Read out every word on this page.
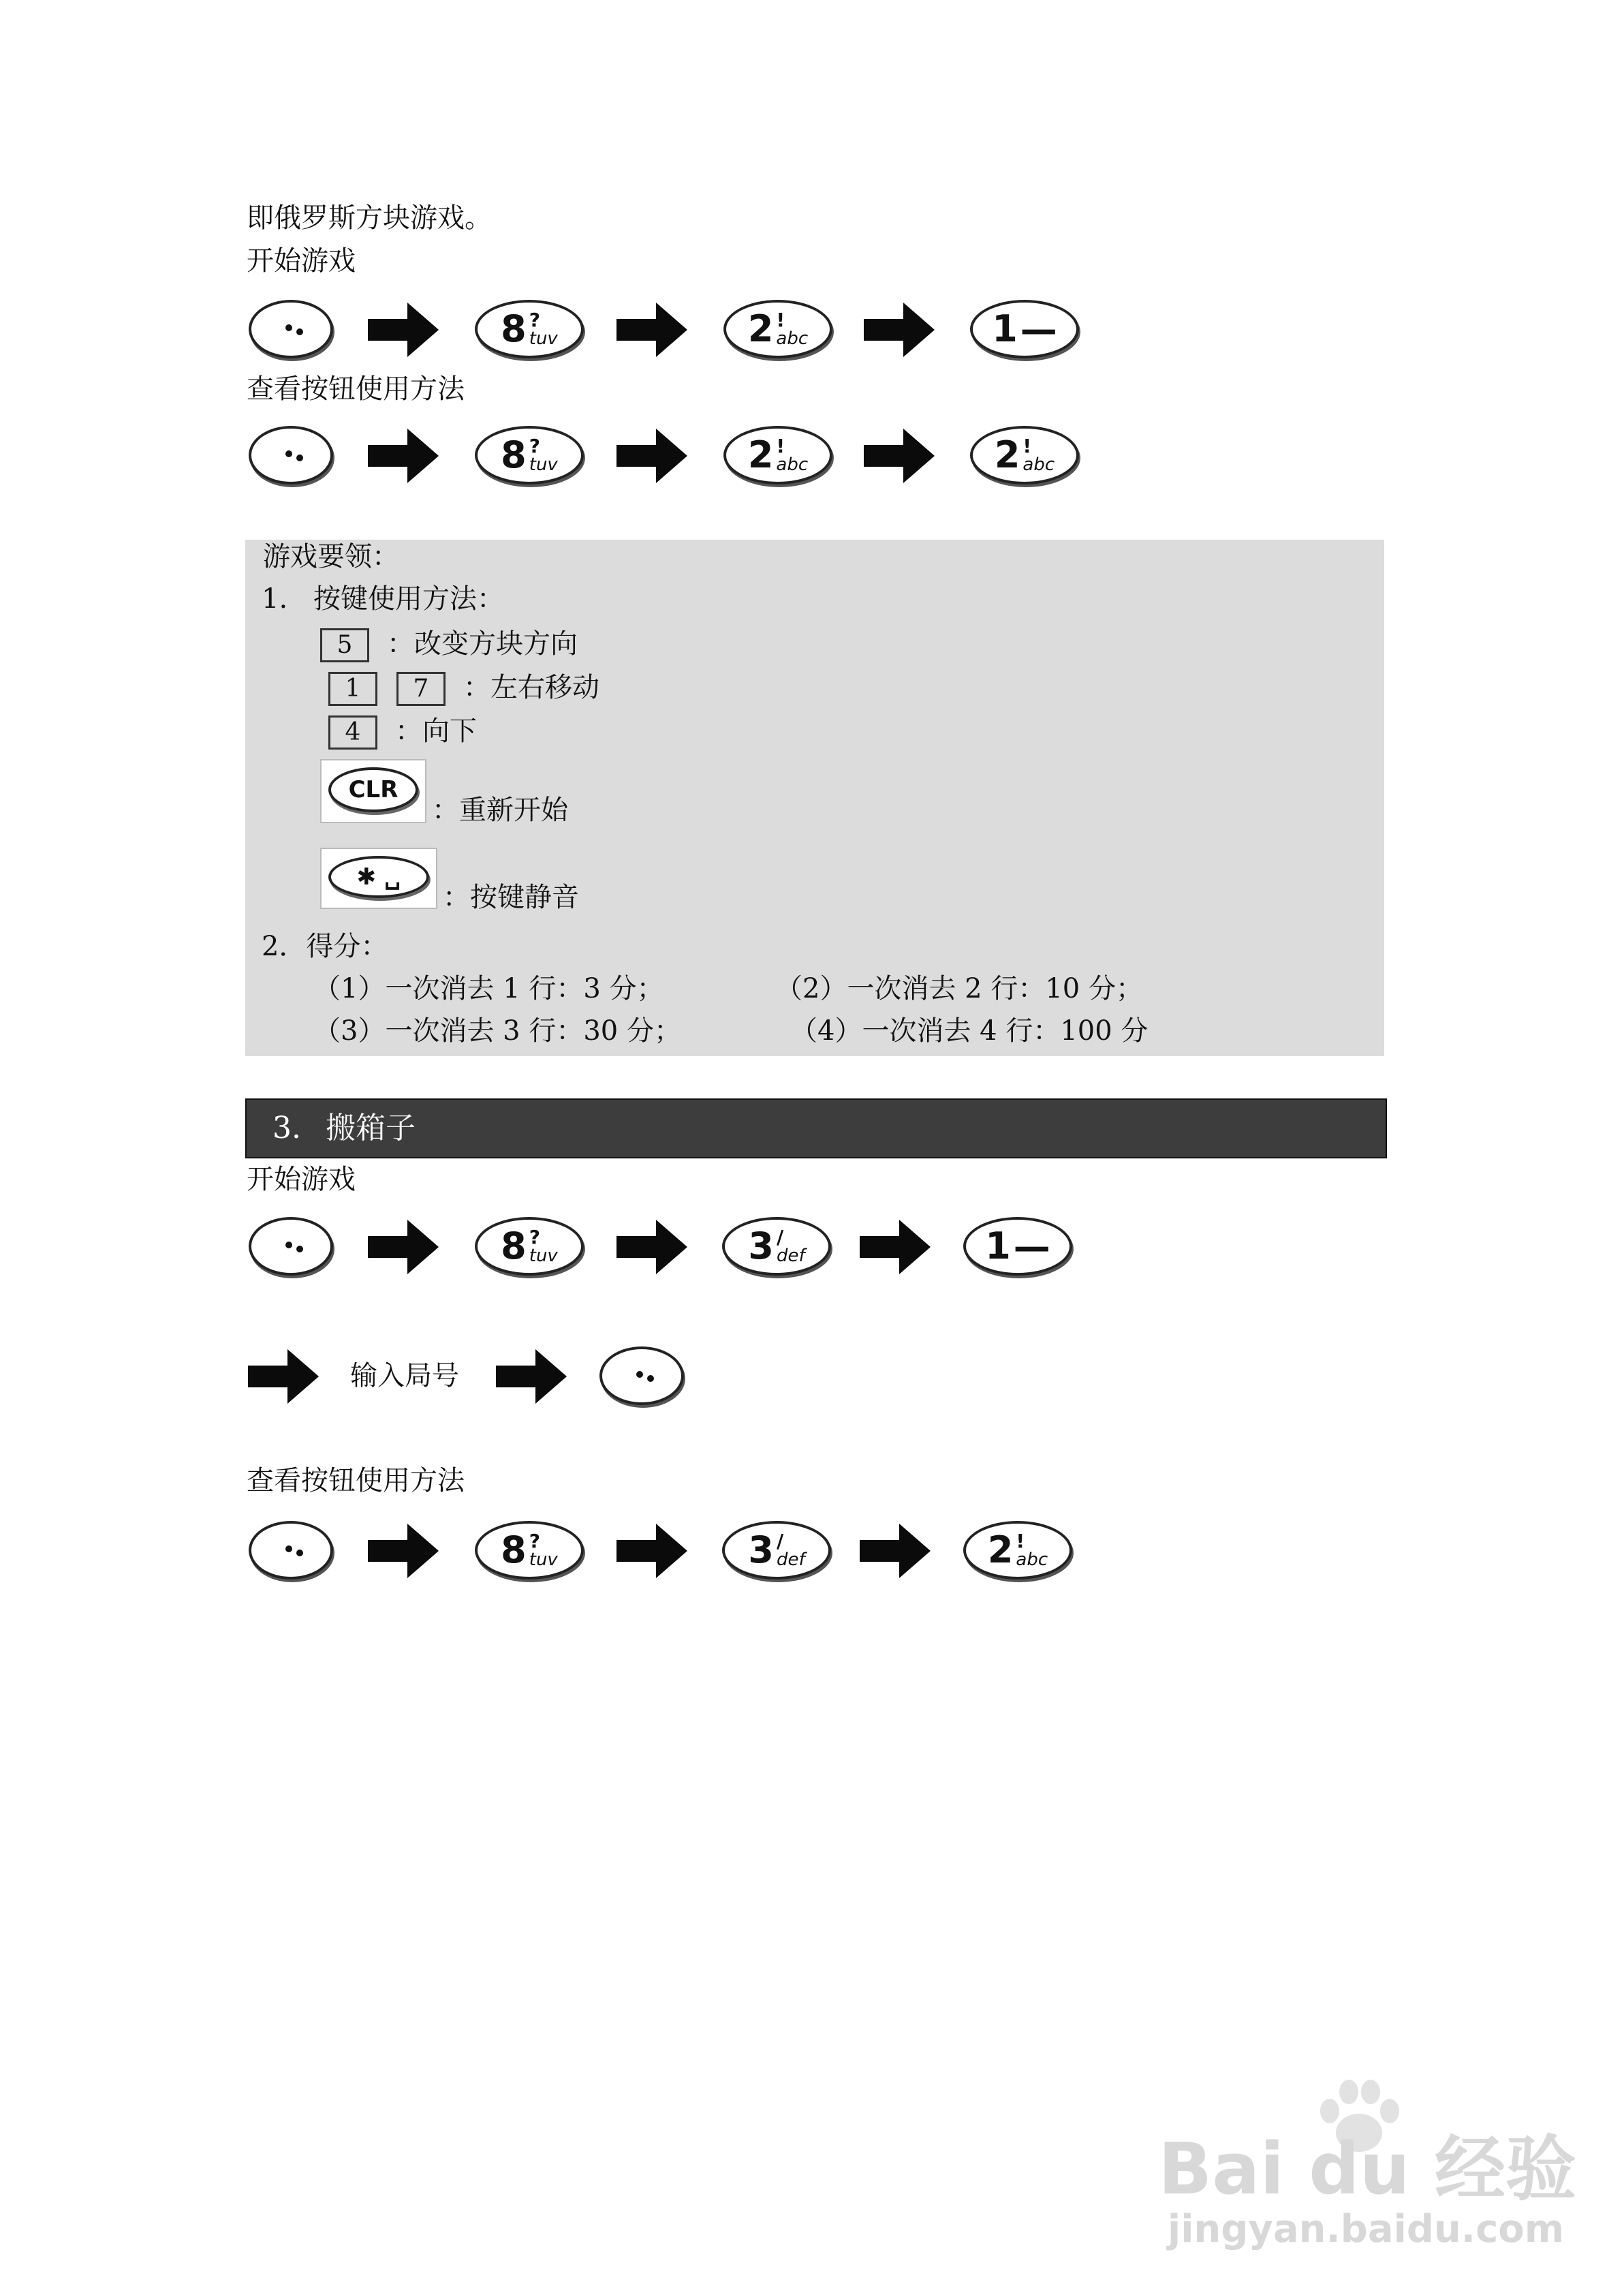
即俄罗斯方块游戏。
开始游戏
8 ?
tuv	2 !
abc	1 —
查看按钮使用方法
8 ?
tuv	2 !
abc	2 !
abc
游戏要领：
1. 按键使用方法：
5	：改变方块方向
1	7	：左右移动
4	：向下
CLR
：重新开始
✱ ␣
：按键静音
2．得分：
（1）一次消去 1 行：3 分；	（2）一次消去 2 行：10 分；
（3）一次消去 3 行：30 分；	（4）一次消去 4 行：100 分
3. 搬箱子
开始游戏
8 ?
tuv	3 /
def	1 —
输入局号
查看按钮使用方法
8 ?
tuv	3 /
def	2 !
abc
Bai du 经验
jingyan.baidu.com
